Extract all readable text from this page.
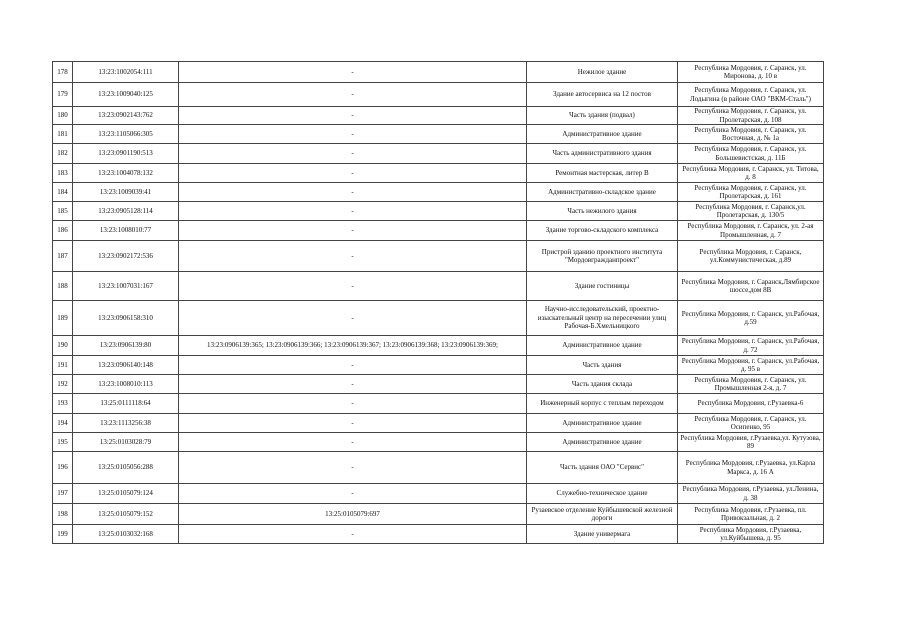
178	13:23:1002054:111	-	Нежилое здание	Республика Мордовия, г. Саранск, ул. Миронова, д. 10 в
179	13:23:1009040:125	-	Здание автосервиса на 12 постов	Республика Мордовия, г. Саранск, ул. Лодыгина (в районе ОАО "ВКМ-Сталь")
180	13:23:0902143:762	-	Часть здания (подвал)	Республика Мордовия, г. Саранск, ул. Пролетарская, д. 108
181	13:23:1105066:305	-	Административное здание	Республика Мордовия, г. Саранск, ул. Восточная, д. № 1а
182	13:23:0901190:513	-	Часть административного здания	Республика Мордовия, г. Саранск, ул. Большевистская, д. 11Б
183	13:23:1004078:132	-	Ремонтная мастерская, литер В	Республика Мордовия, г. Саранск, ул. Титова, д. 8
184	13:23:1009039:41	-	Административно-складское здание	Республика Мордовия, г. Саранск, ул. Пролетарская, д. 161
185	13:23:0905128:114	-	Часть нежилого здания	Республика Мордовия, г. Саранск,ул. Пролетарская, д. 130/5
186	13:23:1008010:77	-	Здание торгово-складского комплекса	Республика Мордовия, г. Саранск, ул. 2-ая Промышленная, д. 7
187	13:23:0902172:536	-	Пристрой зданию проектного института "Мордовгражданпроект"	Республика Мордовия, г. Саранск, ул.Коммунистическая, д.89
188	13:23:1007031:167	-	Здание гостиницы	Республика Мордовия, г. Саранск,Лямбирское шоссе,дом 8В
189	13:23:0906158:310	-	Научно-исследовательский, проектно-изыскательный центр на пересечении улиц Рабочая-Б.Хмельницкого	Республика Мордовия, г. Саранск, ул.Рабочая, д.59
190	13:23:0906139:80	13:23:0906139:365; 13:23:0906139:366; 13:23:0906139:367; 13:23:0906139:368; 13:23:0906139:369;	Административное здание	Республика Мордовия, г. Саранск, ул.Рабочая, д. 72
191	13:23:0906140:148	-	Часть здания	Республика Мордовия, г. Саранск, ул.Рабочая, д. 95 в
192	13:23:1008010:113	-	Часть здания склада	Республика Мордовия, г. Саранск, ул. Промышленная 2-я, д. 7
193	13:25:0111118:64	-	Инженерный корпус с теплым переходом	Республика Мордовия, г.Рузаевка-6
194	13:23:1113256:38	-	Административное здание	Республика Мордовия, г. Саранск, ул. Осипенко, 95
195	13:25:0103028:79	-	Административное здание	Республика Мордовия, г.Рузаевка,ул. Кутузова, 89
196	13:25:0105056:288	-	Часть здания ОАО "Сервис"	Республика Мордовия, г.Рузаевка, ул.Карла Маркса, д. 16 А
197	13:25:0105079:124	-	Служебно-техническое здание	Республика Мордовия, г.Рузаевка, ул.Ленина, д. 38
198	13:25:0105079:152	13:25:0105079:697	Рузаевское отделение Куйбышевской железной дороги	Республика Мордовия, г.Рузаевка, пл. Привокзальная, д. 2
199	13:25:0103032:168	-	Здание универмага	Республика Мордовия, г.Рузаевка, ул.Куйбышева, д. 95
